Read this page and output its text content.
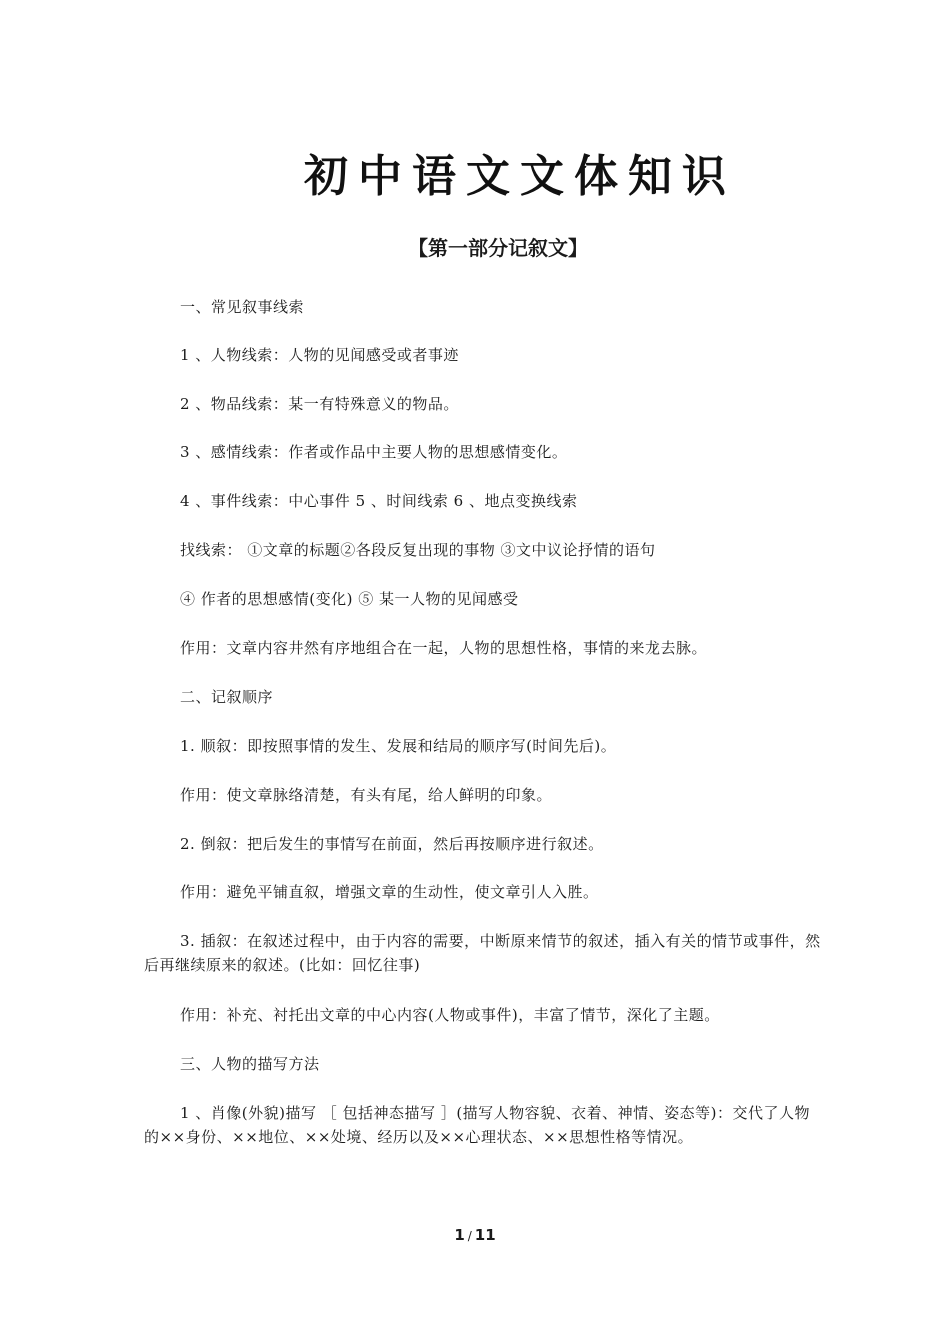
初中语文文体知识
【第一部分记叙文】
一、常见叙事线索
1 、人物线索：人物的见闻感受或者事迹
2 、物品线索：某一有特殊意义的物品。
3 、感情线索：作者或作品中主要人物的思想感情变化。
4 、事件线索：中心事件 5 、时间线索 6 、地点变换线索
找线索： ①文章的标题②各段反复出现的事物 ③文中议论抒情的语句
④ 作者的思想感情(变化) ⑤ 某一人物的见闻感受
作用：文章内容井然有序地组合在一起，人物的思想性格，事情的来龙去脉。
二、记叙顺序
1. 顺叙：即按照事情的发生、发展和结局的顺序写(时间先后)。
作用：使文章脉络清楚，有头有尾，给人鲜明的印象。
2. 倒叙：把后发生的事情写在前面，然后再按顺序进行叙述。
作用：避免平铺直叙，增强文章的生动性，使文章引人入胜。
3. 插叙：在叙述过程中，由于内容的需要，中断原来情节的叙述，插入有关的情节或事件，然后再继续原来的叙述。(比如：回忆往事)
作用：补充、衬托出文章的中心内容(人物或事件)，丰富了情节，深化了主题。
三、人物的描写方法
1 、肖像(外貌)描写 ［ 包括神态描写 ］(描写人物容貌、衣着、神情、姿态等)：交代了人物的××身份、××地位、××处境、经历以及××心理状态、××思想性格等情况。
1 / 11
